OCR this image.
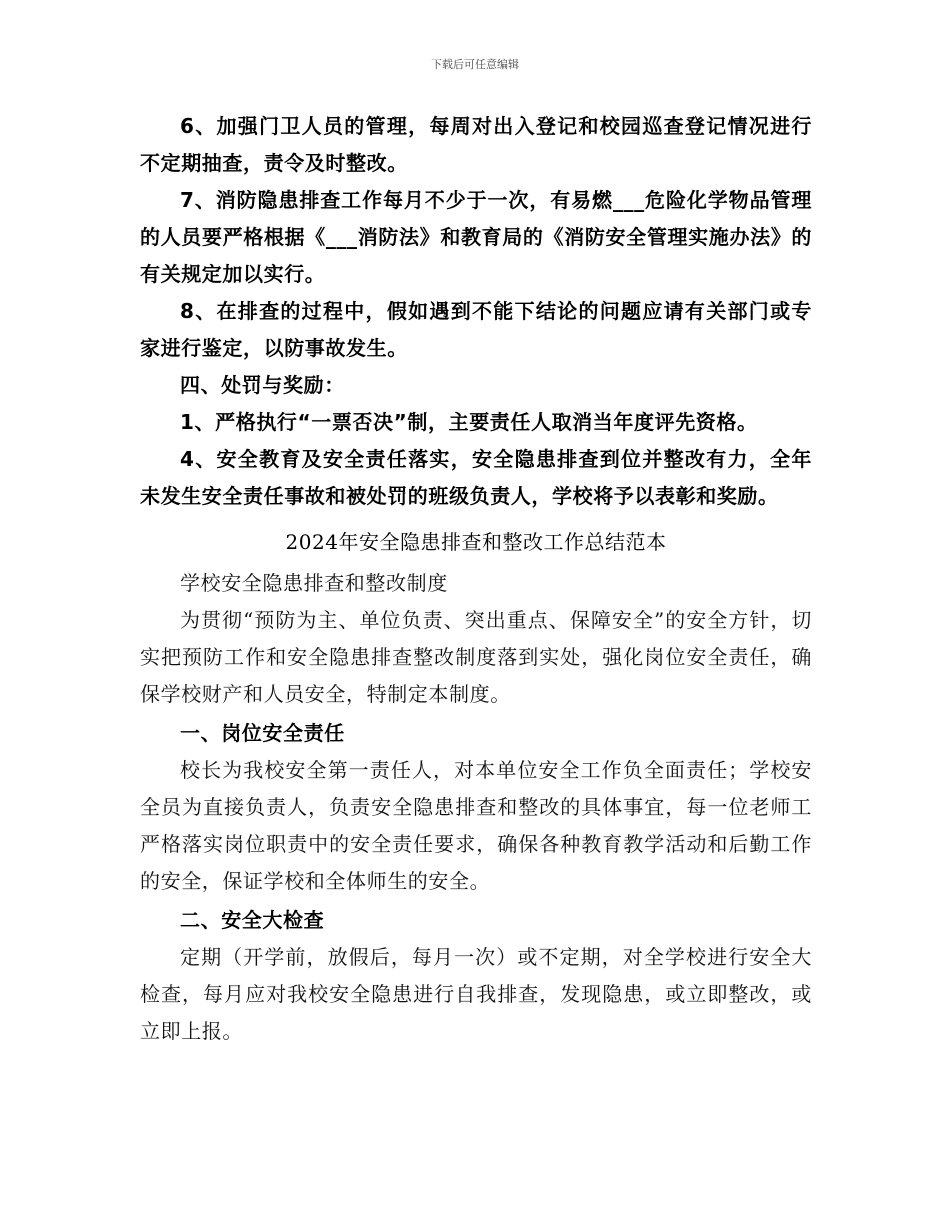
下载后可任意编辑

6、加强门卫人员的管理，每周对出入登记和校园巡查登记情况进行不定期抽查，责令及时整改。

7、消防隐患排查工作每月不少于一次，有易燃___危险化学物品管理的人员要严格根据《___消防法》和教育局的《消防安全管理实施办法》的有关规定加以实行。

8、在排查的过程中，假如遇到不能下结论的问题应请有关部门或专家进行鉴定，以防事故发生。

四、处罚与奖励：

1、严格执行“一票否决”制，主要责任人取消当年度评先资格。

4、安全教育及安全责任落实，安全隐患排查到位并整改有力，全年未发生安全责任事故和被处罚的班级负责人，学校将予以表彰和奖励。

2024年安全隐患排查和整改工作总结范本

学校安全隐患排查和整改制度

为贯彻“预防为主、单位负责、突出重点、保障安全”的安全方针，切实把预防工作和安全隐患排查整改制度落到实处，强化岗位安全责任，确保学校财产和人员安全，特制定本制度。

一、岗位安全责任

校长为我校安全第一责任人，对本单位安全工作负全面责任；学校安全员为直接负责人，负责安全隐患排查和整改的具体事宜，每一位老师工严格落实岗位职责中的安全责任要求，确保各种教育教学活动和后勤工作的安全，保证学校和全体师生的安全。

二、安全大检查

定期（开学前，放假后，每月一次）或不定期，对全学校进行安全大检查，每月应对我校安全隐患进行自我排查，发现隐患，或立即整改，或立即上报。
